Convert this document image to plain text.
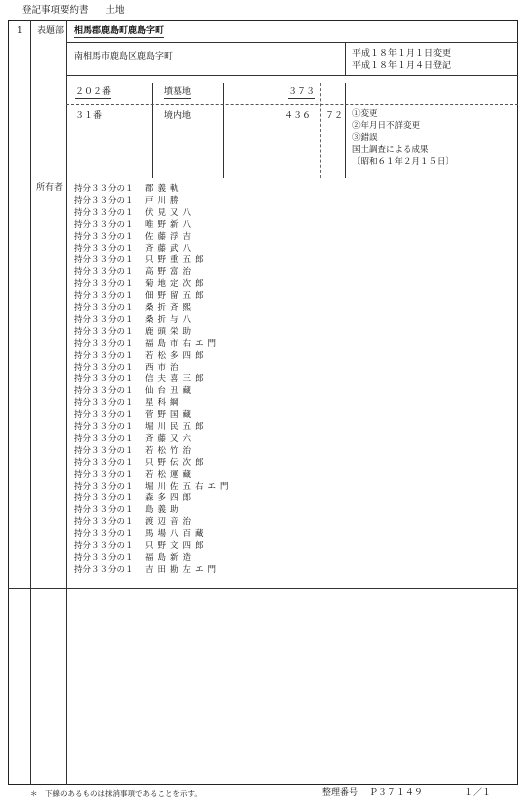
登記事項要約書 土地
1 表題部 相馬郡鹿島町鹿島字町
南相馬市鹿島区鹿島字町	平成１８年１月１日変更
平成１８年１月４日登記
２０２番	墳墓地	３７３
３１番	境内地	４３６ ７２ ①変更
②年月日不詳変更
③錯誤
国土調査による成果
〔昭和６１年２月１５日〕
所有者 持分３３分の１ 郡義軌
持分３３分の１ 戸川勝
持分３３分の１ 伏見又八
持分３３分の１ 唯野新八
持分３３分の１ 佐藤浮吉
持分３３分の１ 斉藤武八
持分３３分の１ 只野重五郎
持分３３分の１ 高野富治
持分３３分の１ 菊地定次郎
持分３３分の１ 佃野留五郎
持分３３分の１ 桑折斉熙
持分３３分の１ 桑折与八
持分３３分の１ 鹿頭栄助
持分３３分の１ 福島市右エ門
持分３３分の１ 若松多四郎
持分３３分の１ 西市治
持分３３分の１ 信夫喜三郎
持分３３分の１ 仙台丑藏
持分３３分の１ 星科綱
持分３３分の１ 菅野国藏
持分３３分の１ 堀川民五郎
持分３３分の１ 斉藤又六
持分３３分の１ 若松竹治
持分３３分の１ 只野伝次郎
持分３３分の１ 若松運藏
持分３３分の１ 堀川佐五右エ門
持分３３分の１ 森多四郎
持分３３分の１ 島義助
持分３３分の１ 渡辺音治
持分３３分の１ 馬場八百藏
持分３３分の１ 只野文四郎
持分３３分の１ 福島新造
持分３３分の１ 吉田勘左エ門
＊　下線のあるものは抹消事項であることを示す。	整理番号 Ｐ３７１４９	１／１
